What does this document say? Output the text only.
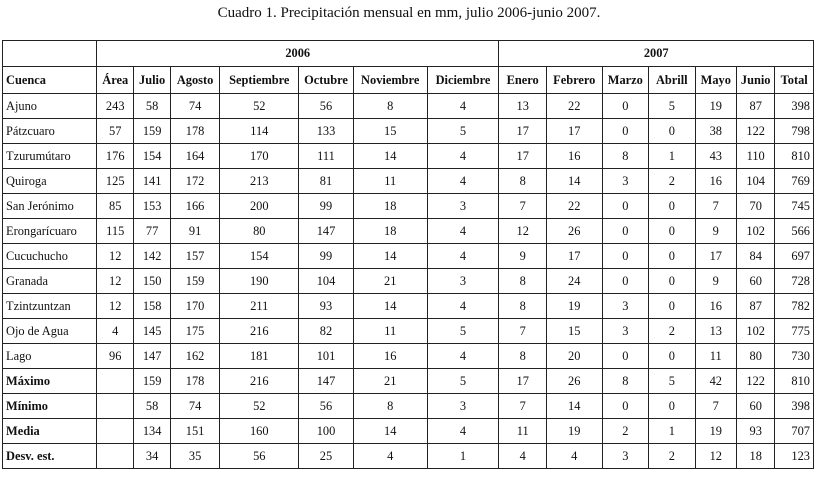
Cuadro 1. Precipitación mensual en mm, julio 2006-junio 2007.
	2006							2007						
Cuenca	Área	Julio	Agosto	Septiembre	Octubre	Noviembre	Diciembre	Enero	Febrero	Marzo	Abrill	Mayo	Junio	Total
Ajuno	243	58	74	52	56	8	4	13	22	0	5	19	87	398
Pátzcuaro	57	159	178	114	133	15	5	17	17	0	0	38	122	798
Tzurumútaro	176	154	164	170	111	14	4	17	16	8	1	43	110	810
Quiroga	125	141	172	213	81	11	4	8	14	3	2	16	104	769
San Jerónimo	85	153	166	200	99	18	3	7	22	0	0	7	70	745
Erongarícuaro	115	77	91	80	147	18	4	12	26	0	0	9	102	566
Cucuchucho	12	142	157	154	99	14	4	9	17	0	0	17	84	697
Granada	12	150	159	190	104	21	3	8	24	0	0	9	60	728
Tzintzuntzan	12	158	170	211	93	14	4	8	19	3	0	16	87	782
Ojo de Agua	4	145	175	216	82	11	5	7	15	3	2	13	102	775
Lago	96	147	162	181	101	16	4	8	20	0	0	11	80	730
Máximo		159	178	216	147	21	5	17	26	8	5	42	122	810
Mínimo		58	74	52	56	8	3	7	14	0	0	7	60	398
Media		134	151	160	100	14	4	11	19	2	1	19	93	707
Desv. est.		34	35	56	25	4	1	4	4	3	2	12	18	123
